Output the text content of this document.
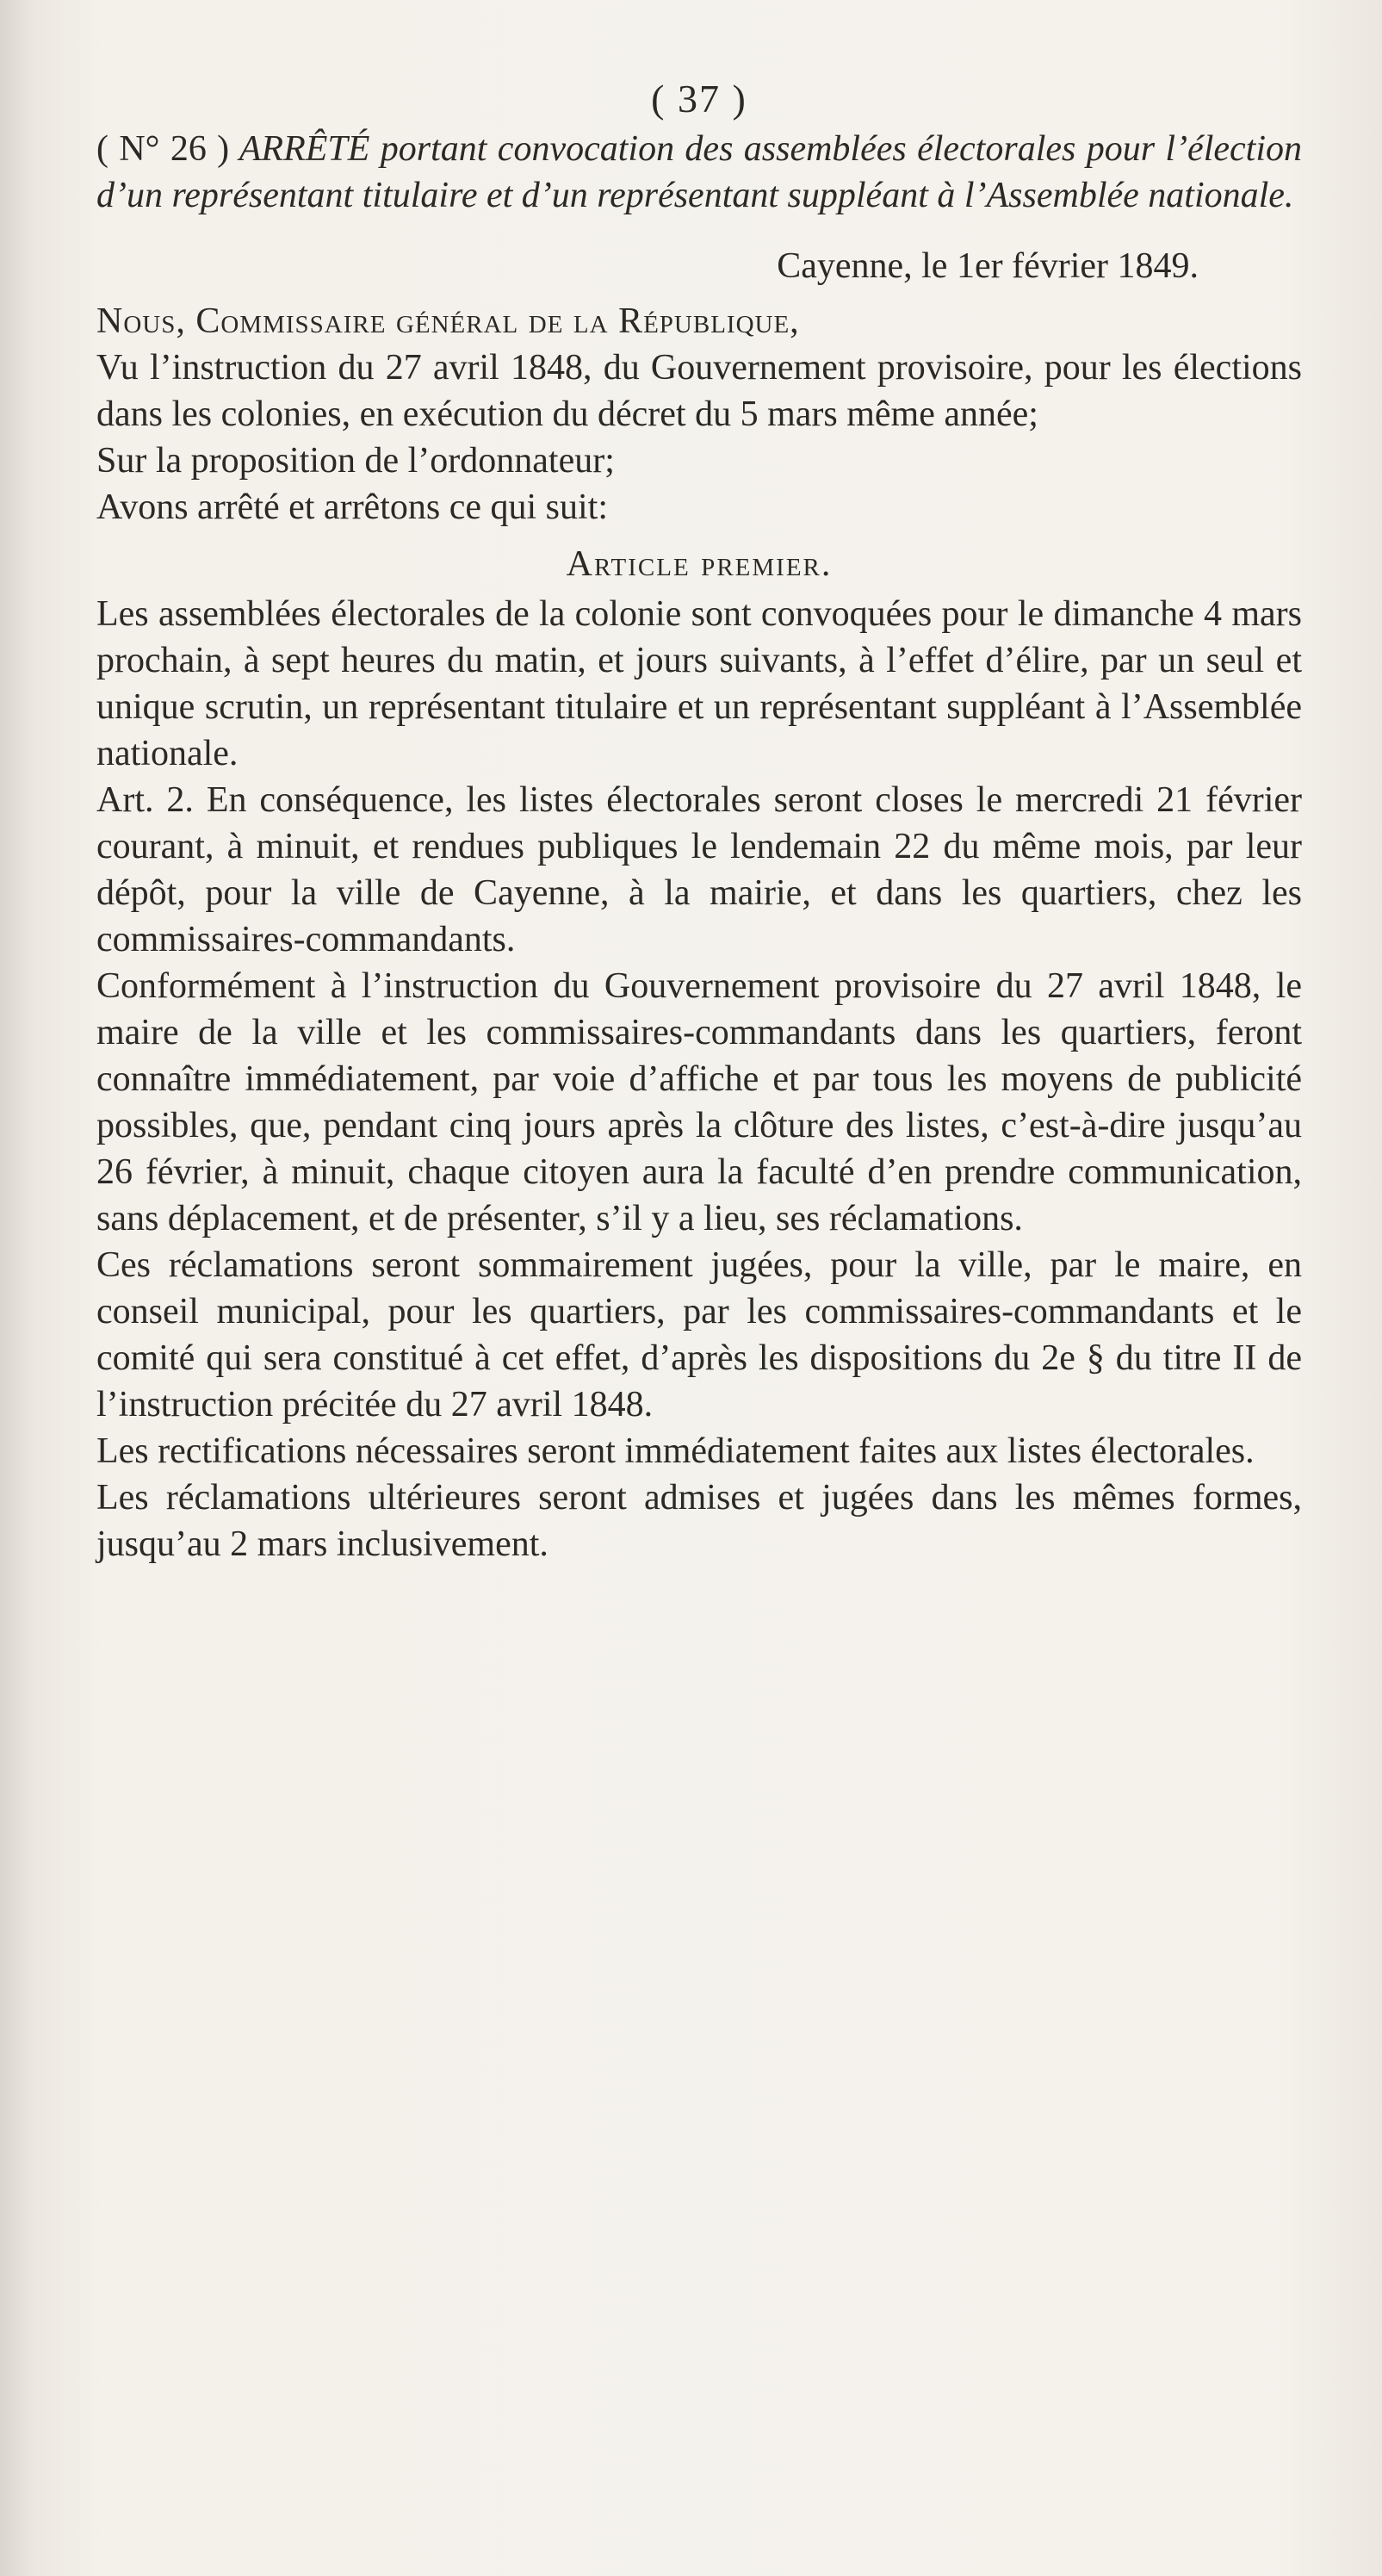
( 37 )
( N° 26 ) ARRÊTÉ portant convocation des assemblées électorales pour l’élection d’un représentant titulaire et d’un représentant suppléant à l’Assemblée nationale.
Cayenne, le 1er février 1849.

Nous, Commissaire général de la République,

Vu l’instruction du 27 avril 1848, du Gouvernement provisoire, pour les élections dans les colonies, en exécution du décret du 5 mars même année;

Sur la proposition de l’ordonnateur;

Avons arrêté et arrêtons ce qui suit:

Article premier.

Les assemblées électorales de la colonie sont convoquées pour le dimanche 4 mars prochain, à sept heures du matin, et jours suivants, à l’effet d’élire, par un seul et unique scrutin, un représentant titulaire et un représentant suppléant à l’Assemblée nationale.

Art. 2. En conséquence, les listes électorales seront closes le mercredi 21 février courant, à minuit, et rendues publiques le lendemain 22 du même mois, par leur dépôt, pour la ville de Cayenne, à la mairie, et dans les quartiers, chez les commissaires-commandants.

Conformément à l’instruction du Gouvernement provisoire du 27 avril 1848, le maire de la ville et les commissaires-commandants dans les quartiers, feront connaître immédiatement, par voie d’affiche et par tous les moyens de publicité possibles, que, pendant cinq jours après la clôture des listes, c’est-à-dire jusqu’au 26 février, à minuit, chaque citoyen aura la faculté d’en prendre communication, sans déplacement, et de présenter, s’il y a lieu, ses réclamations.

Ces réclamations seront sommairement jugées, pour la ville, par le maire, en conseil municipal, pour les quartiers, par les commissaires-commandants et le comité qui sera constitué à cet effet, d’après les dispositions du 2e § du titre II de l’instruction précitée du 27 avril 1848.

Les rectifications nécessaires seront immédiatement faites aux listes électorales.

Les réclamations ultérieures seront admises et jugées dans les mêmes formes, jusqu’au 2 mars inclusivement.
